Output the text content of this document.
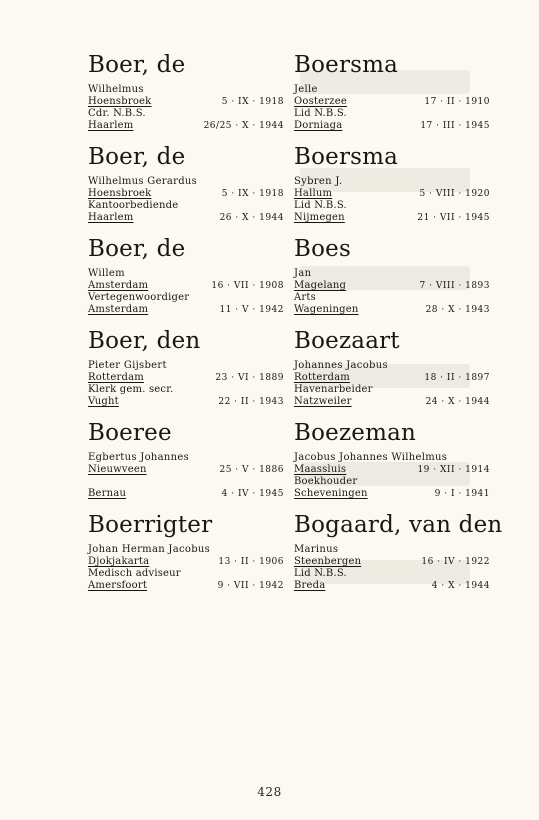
Boer, de
Wilhelmus
Hoensbroek	5 · IX · 1918
Cdr. N.B.S.
Haarlem	26/25 · X · 1944
Boer, de
Wilhelmus Gerardus
Hoensbroek	5 · IX · 1918
Kantoorbediende
Haarlem	26 · X · 1944
Boer, de
Willem
Amsterdam	16 · VII · 1908
Vertegenwoordiger
Amsterdam	11 · V · 1942
Boer, den
Pieter Gijsbert
Rotterdam	23 · VI · 1889
Klerk gem. secr.
Vught	22 · II · 1943
Boeree
Egbertus Johannes
Nieuwveen	25 · V · 1886
Bernau	4 · IV · 1945
Boerrigter
Johan Herman Jacobus
Djokjakarta	13 · II · 1906
Medisch adviseur
Amersfoort	9 · VII · 1942
Boersma
Jelle
Oosterzee	17 · II · 1910
Lid N.B.S.
Dorniaga	17 · III · 1945
Boersma
Sybren J.
Hallum	5 · VIII · 1920
Lid N.B.S.
Nijmegen	21 · VII · 1945
Boes
Jan
Magelang	7 · VIII · 1893
Arts
Wageningen	28 · X · 1943
Boezaart
Johannes Jacobus
Rotterdam	18 · II · 1897
Havenarbeider
Natzweiler	24 · X · 1944
Boezeman
Jacobus Johannes Wilhelmus
Maassluis	19 · XII · 1914
Boekhouder
Scheveningen	9 · I · 1941
Bogaard, van den
Marinus
Steenbergen	16 · IV · 1922
Lid N.B.S.
Breda	4 · X · 1944
428
